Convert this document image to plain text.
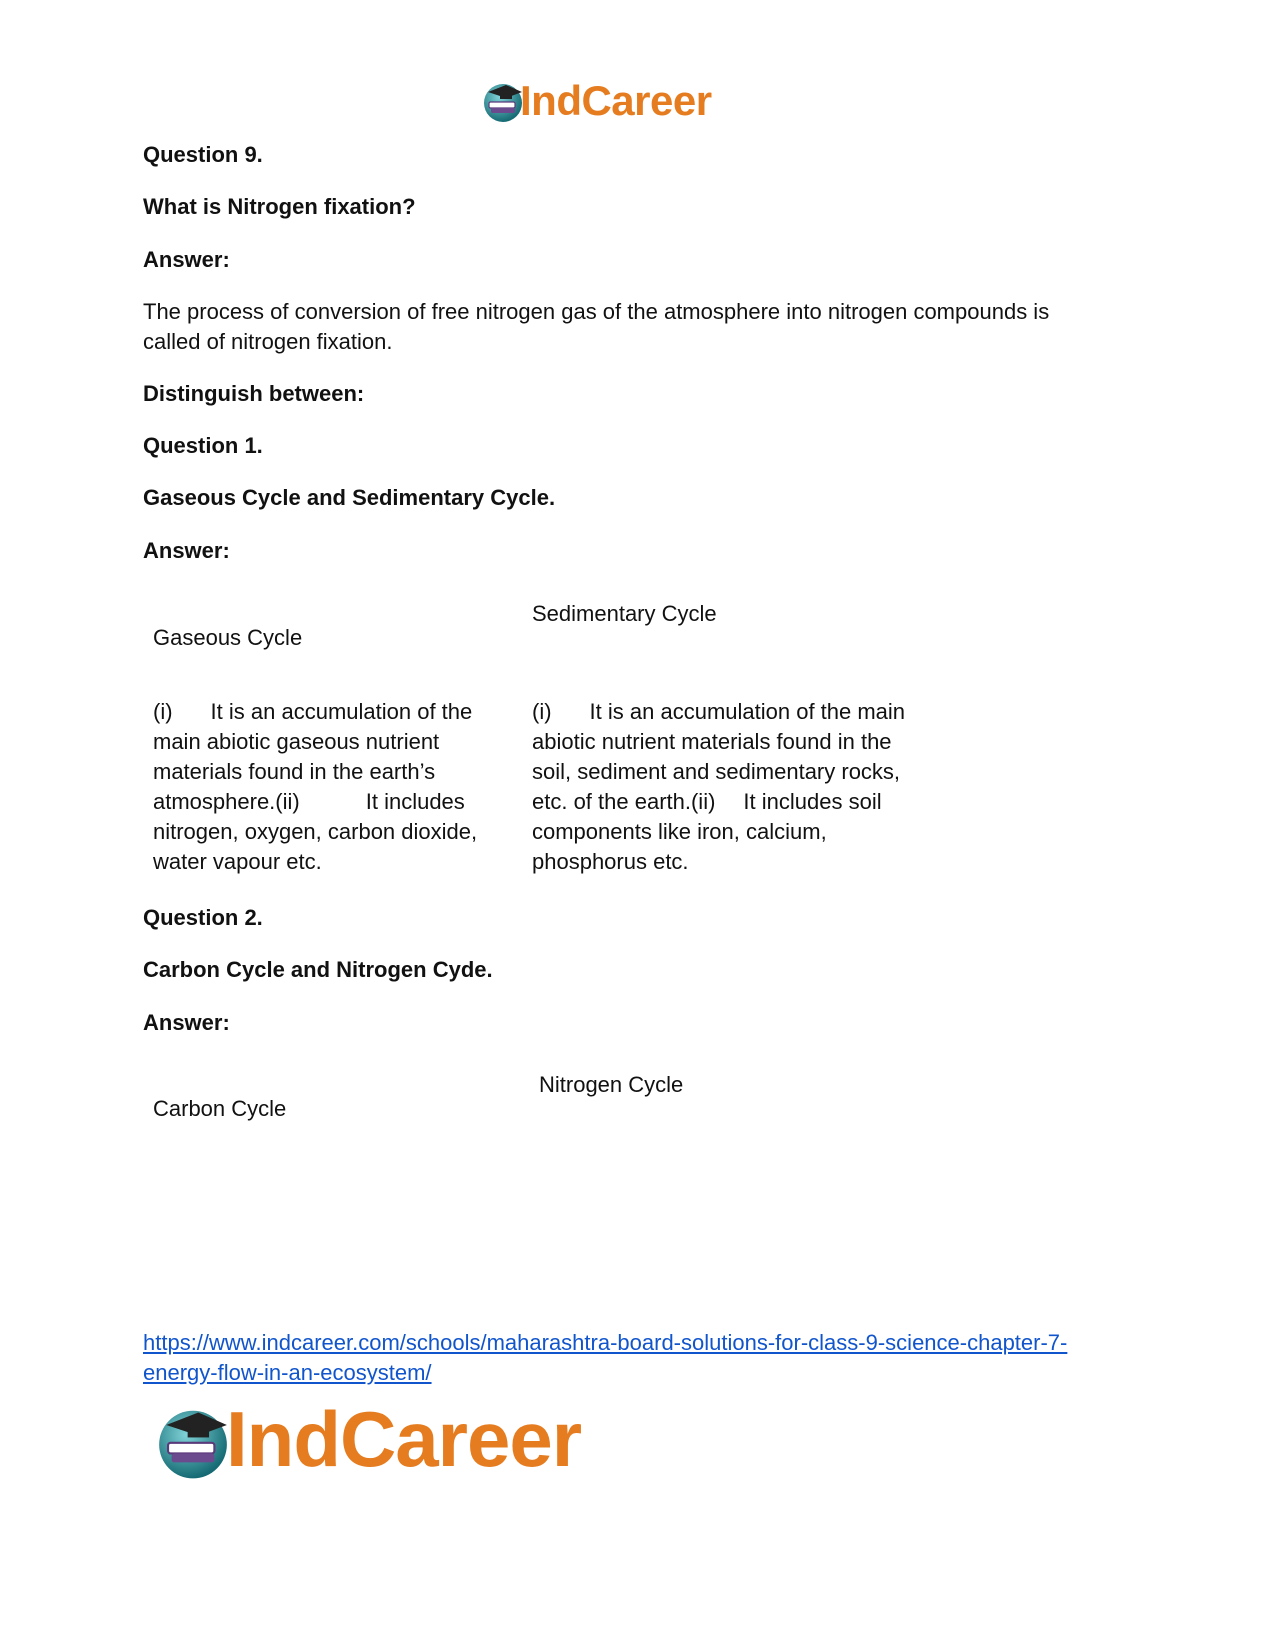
IndCareer
Question 9.
What is Nitrogen fixation?
Answer:
The process of conversion of free nitrogen gas of the atmosphere into nitrogen compounds is called of nitrogen fixation.
Distinguish between:
Question 1.
Gaseous Cycle and Sedimentary Cycle.
Answer:
Gaseous Cycle
Sedimentary Cycle
(i) It is an accumulation of the main abiotic gaseous nutrient materials found in the earth’s atmosphere.(ii)	It includes nitrogen, oxygen, carbon dioxide, water vapour etc.
(i) It is an accumulation of the main abiotic nutrient materials found in the soil, sediment and sedimentary rocks, etc. of the earth.(ii) It includes soil components like iron, calcium, phosphorus etc.
Question 2.
Carbon Cycle and Nitrogen Cyde.
Answer:
Carbon Cycle
Nitrogen Cycle
https://www.indcareer.com/schools/maharashtra-board-solutions-for-class-9-science-chapter-7-energy-flow-in-an-ecosystem/
IndCareer
